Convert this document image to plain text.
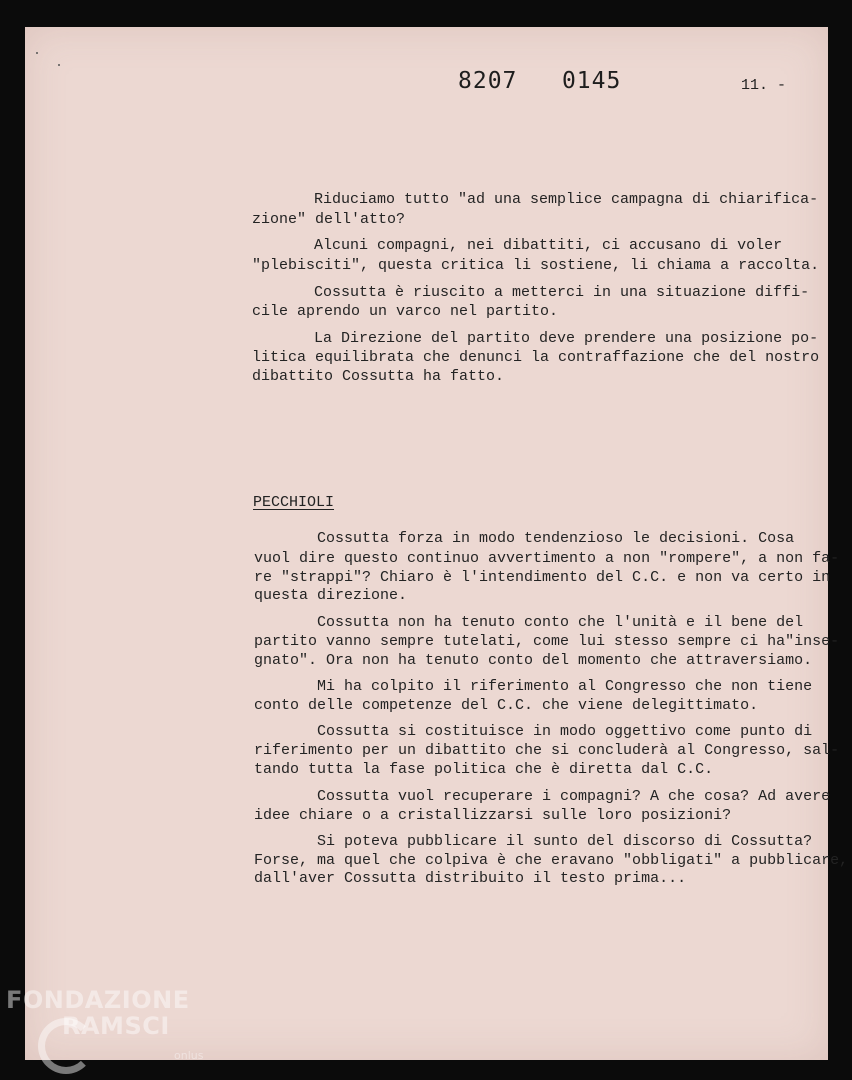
8207 0145	11. -
Riduciamo tutto "ad una semplice campagna di chiarifica-
zione" dell'atto?
Alcuni compagni, nei dibattiti, ci accusano di voler
"plebisciti", questa critica li sostiene, li chiama a raccolta.
Cossutta è riuscito a metterci in una situazione diffi-
cile aprendo un varco nel partito.
La Direzione del partito deve prendere una posizione po-
litica equilibrata che denunci la contraffazione che del nostro
dibattito Cossutta ha fatto.
PECCHIOLI
Cossutta forza in modo tendenzioso le decisioni. Cosa
vuol dire questo continuo avvertimento a non "rompere", a non fa-
re "strappi"? Chiaro è l'intendimento del C.C. e non va certo in
questa direzione.
Cossutta non ha tenuto conto che l'unità e il bene del
partito vanno sempre tutelati, come lui stesso sempre ci ha"inse-
gnato". Ora non ha tenuto conto del momento che attraversiamo.
Mi ha colpito il riferimento al Congresso che non tiene
conto delle competenze del C.C. che viene delegittimato.
Cossutta si costituisce in modo oggettivo come punto di
riferimento per un dibattito che si concluderà al Congresso, sal-
tando tutta la fase politica che è diretta dal C.C.
Cossutta vuol recuperare i compagni? A che cosa? Ad avere
idee chiare o a cristallizzarsi sulle loro posizioni?
Si poteva pubblicare il sunto del discorso di Cossutta?
Forse, ma quel che colpiva è che eravano "obbligati" a pubblicare,
dall'aver Cossutta distribuito il testo prima...
FONDAZIONE
RAMSCI
onlus
